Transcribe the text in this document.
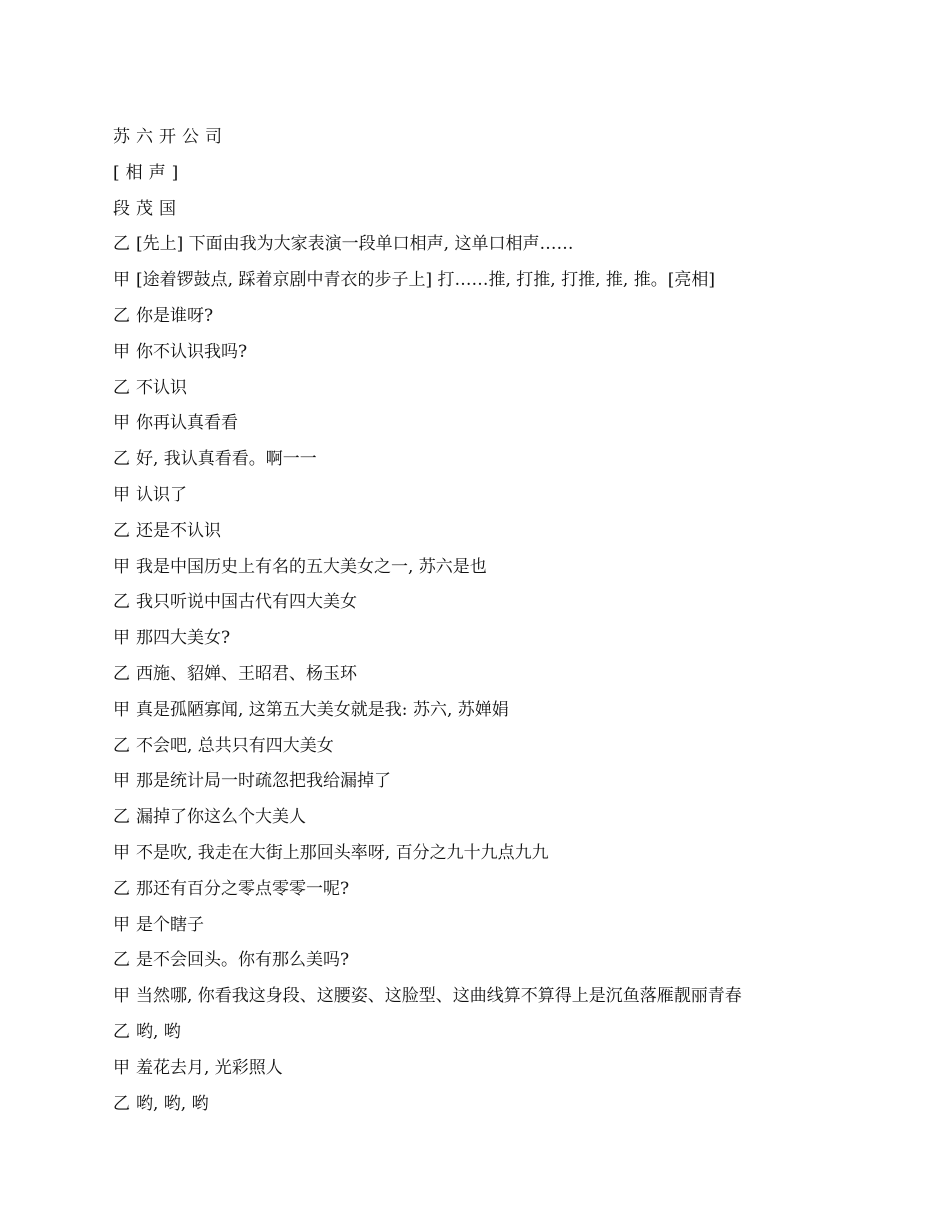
苏六开公司
[相声]
段茂国
乙 [先上] 下面由我为大家表演一段单口相声, 这单口相声……
甲 [途着锣鼓点, 踩着京剧中青衣的步子上] 打……推, 打推, 打推, 推, 推。[亮相]
乙 你是谁呀?
甲 你不认识我吗?
乙 不认识
甲 你再认真看看
乙 好, 我认真看看。啊一一
甲 认识了
乙 还是不认识
甲 我是中国历史上有名的五大美女之一, 苏六是也
乙 我只听说中国古代有四大美女
甲 那四大美女?
乙 西施、貂婵、王昭君、杨玉环
甲 真是孤陋寡闻, 这第五大美女就是我: 苏六, 苏婵娟
乙 不会吧, 总共只有四大美女
甲 那是统计局一时疏忽把我给漏掉了
乙 漏掉了你这么个大美人
甲 不是吹, 我走在大街上那回头率呀, 百分之九十九点九九
乙 那还有百分之零点零零一呢?
甲 是个瞎子
乙 是不会回头。你有那么美吗?
甲 当然哪, 你看我这身段、这腰姿、这脸型、这曲线算不算得上是沉鱼落雁靓丽青春
乙 哟, 哟
甲 羞花去月, 光彩照人
乙 哟, 哟, 哟
